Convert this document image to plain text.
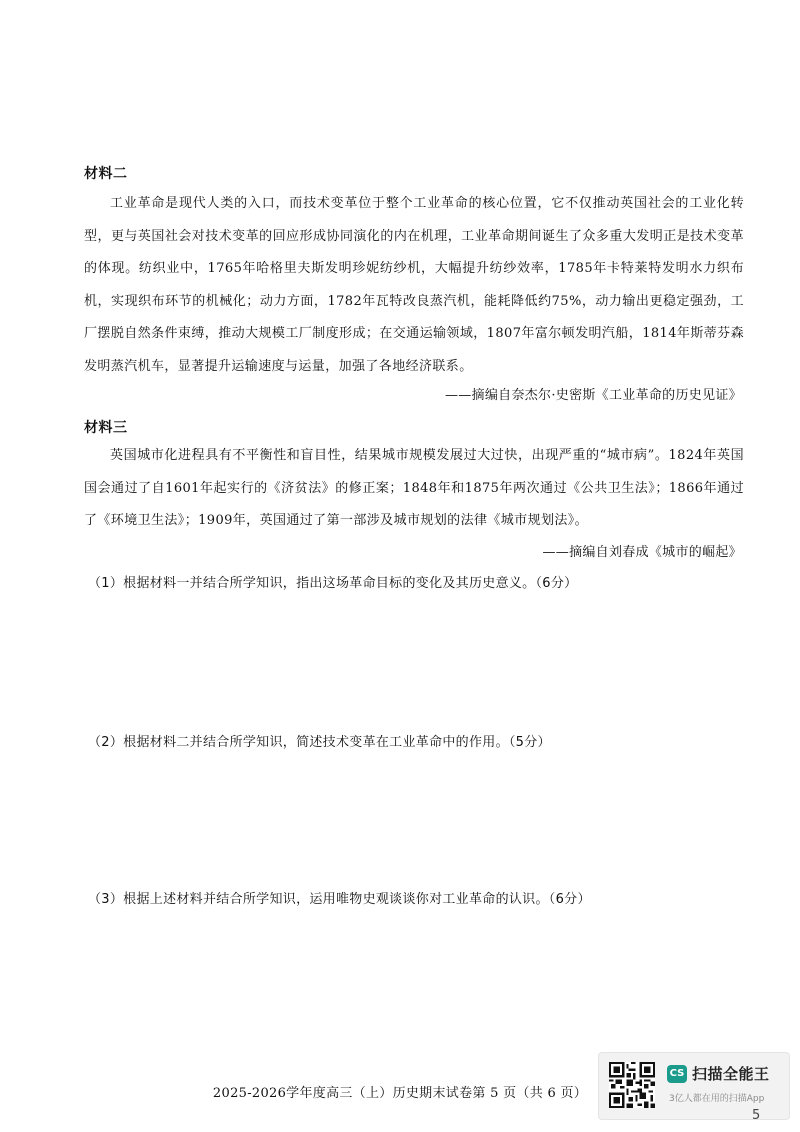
材料二
工业革命是现代人类的入口，而技术变革位于整个工业革命的核心位置，它不仅推动英国社会的工业化转型，更与英国社会对技术变革的回应形成协同演化的内在机理，工业革命期间诞生了众多重大发明正是技术变革的体现。纺织业中，1765年哈格里夫斯发明珍妮纺纱机，大幅提升纺纱效率，1785年卡特莱特发明水力织布机，实现织布环节的机械化；动力方面，1782年瓦特改良蒸汽机，能耗降低约75%，动力输出更稳定强劲，工厂摆脱自然条件束缚，推动大规模工厂制度形成；在交通运输领域，1807年富尔顿发明汽船，1814年斯蒂芬森发明蒸汽机车，显著提升运输速度与运量，加强了各地经济联系。
——摘编自奈杰尔·史密斯《工业革命的历史见证》
材料三
英国城市化进程具有不平衡性和盲目性，结果城市规模发展过大过快，出现严重的“城市病”。1824年英国国会通过了自1601年起实行的《济贫法》的修正案；1848年和1875年两次通过《公共卫生法》；1866年通过了《环境卫生法》；1909年，英国通过了第一部涉及城市规划的法律《城市规划法》。
——摘编自刘春成《城市的崛起》
（1）根据材料一并结合所学知识，指出这场革命目标的变化及其历史意义。（6分）
（2）根据材料二并结合所学知识，简述技术变革在工业革命中的作用。（5分）
（3）根据上述材料并结合所学知识，运用唯物史观谈谈你对工业革命的认识。（6分）
2025-2026学年度高三（上）历史期末试卷第 5 页（共 6 页）
CS 扫描全能王
3亿人都在用的扫描App
5
